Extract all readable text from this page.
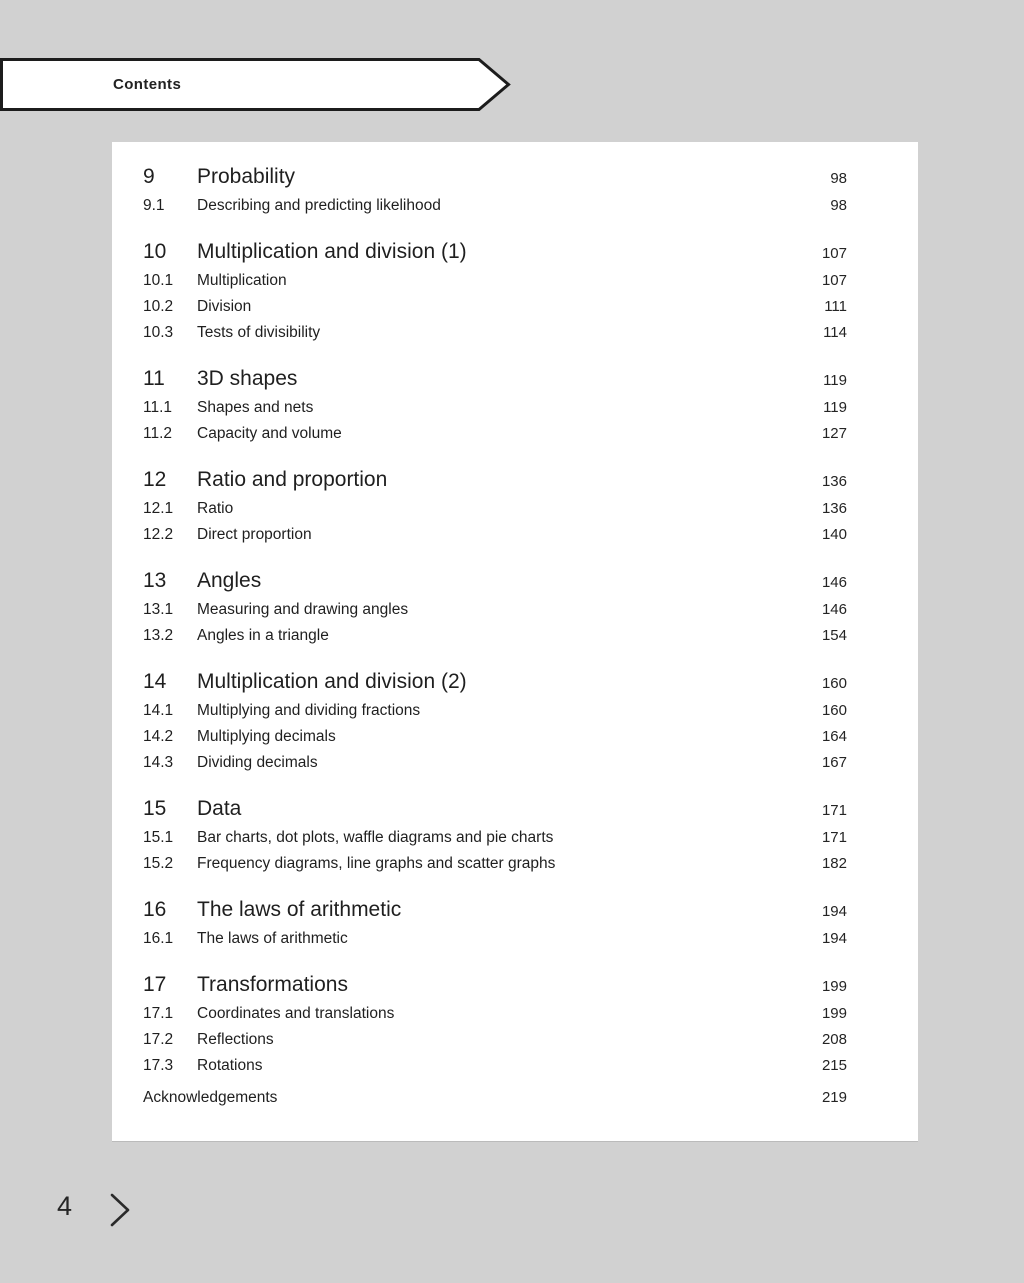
Contents
9	Probability	98
9.1	Describing and predicting likelihood	98
10	Multiplication and division (1)	107
10.1	Multiplication	107
10.2	Division	111
10.3	Tests of divisibility	114
11	3D shapes	119
11.1	Shapes and nets	119
11.2	Capacity and volume	127
12	Ratio and proportion	136
12.1	Ratio	136
12.2	Direct proportion	140
13	Angles	146
13.1	Measuring and drawing angles	146
13.2	Angles in a triangle	154
14	Multiplication and division (2)	160
14.1	Multiplying and dividing fractions	160
14.2	Multiplying decimals	164
14.3	Dividing decimals	167
15	Data	171
15.1	Bar charts, dot plots, waffle diagrams and pie charts	171
15.2	Frequency diagrams, line graphs and scatter graphs	182
16	The laws of arithmetic	194
16.1	The laws of arithmetic	194
17	Transformations	199
17.1	Coordinates and translations	199
17.2	Reflections	208
17.3	Rotations	215
Acknowledgements	219
4
